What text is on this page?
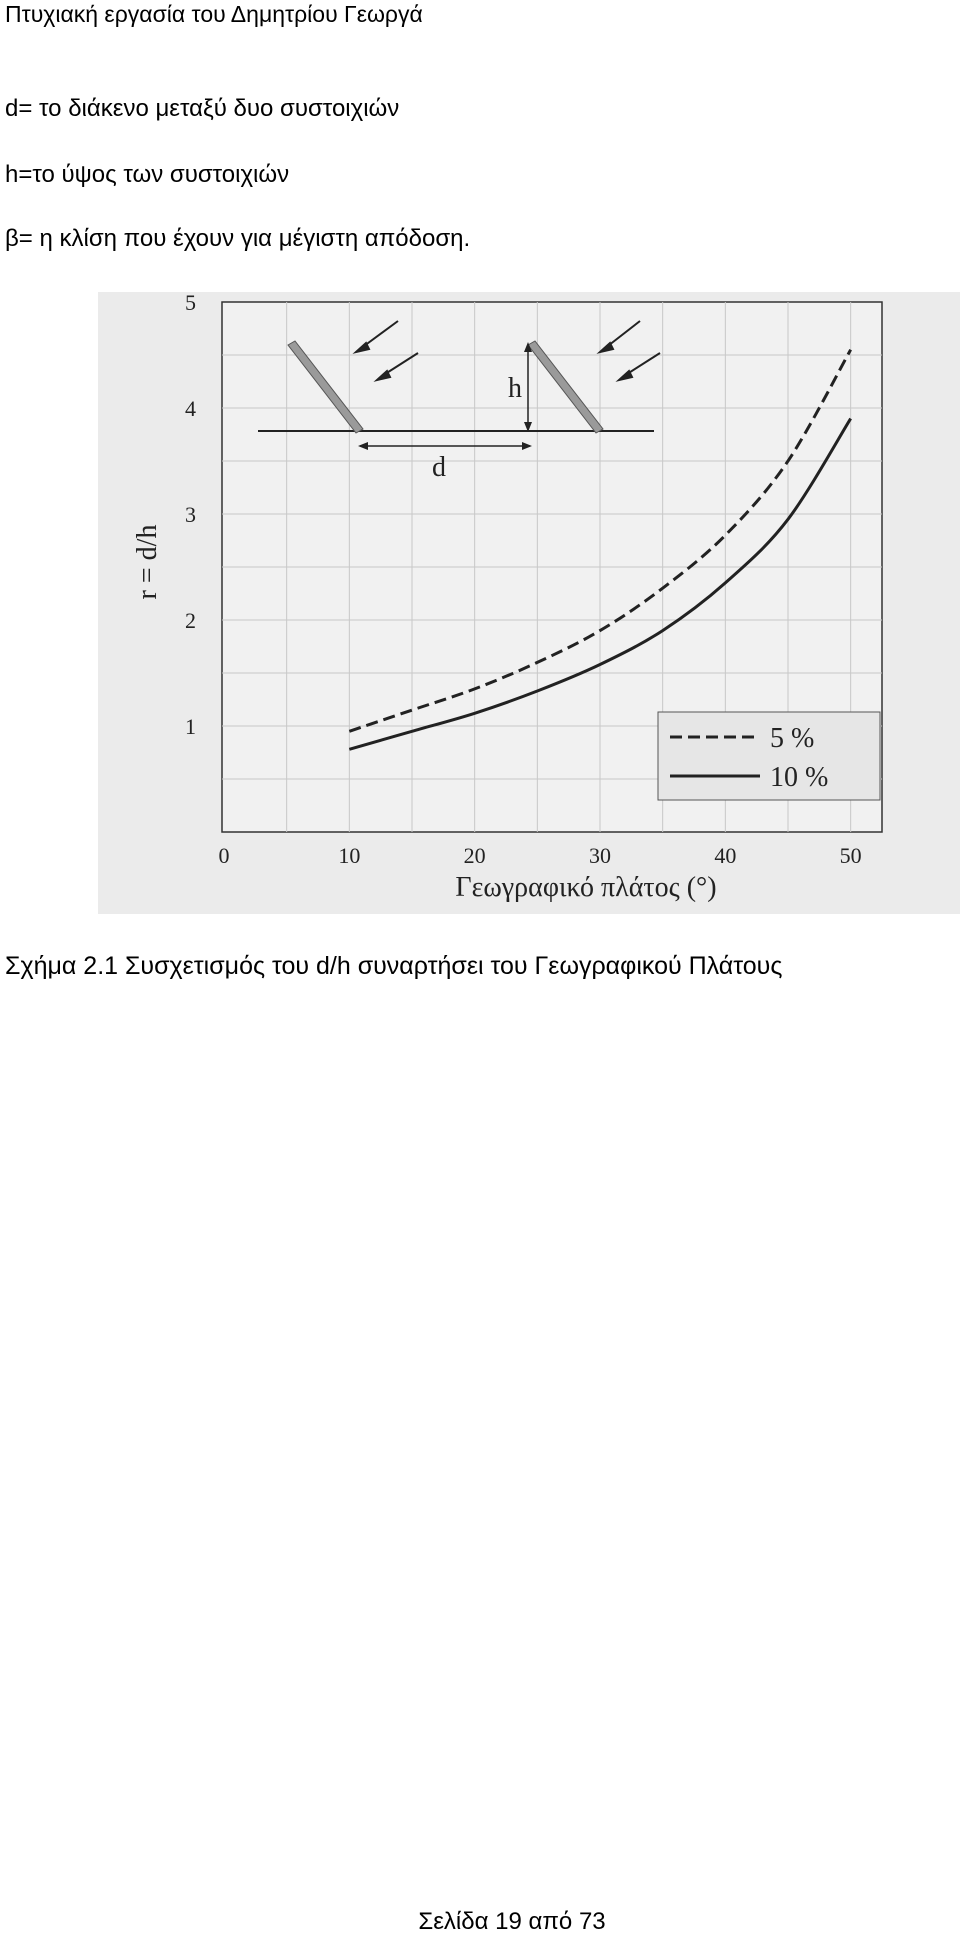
Πτυχιακή εργασία του Δημητρίου Γεωργά
d= το διάκενο μεταξύ δυο συστοιχιών
h=το ύψος των συστοιχιών
β= η κλίση που έχουν για μέγιστη απόδοση.
0	10	20	30	40	50
1
2
3
4
5
h
d
5 %
10 %
Γεωγραφικό πλάτος (°)
r = d/h
Σχήμα 2.1 Συσχετισμός του d/h συναρτήσει του Γεωγραφικού Πλάτους
Σελίδα 19 από 73
